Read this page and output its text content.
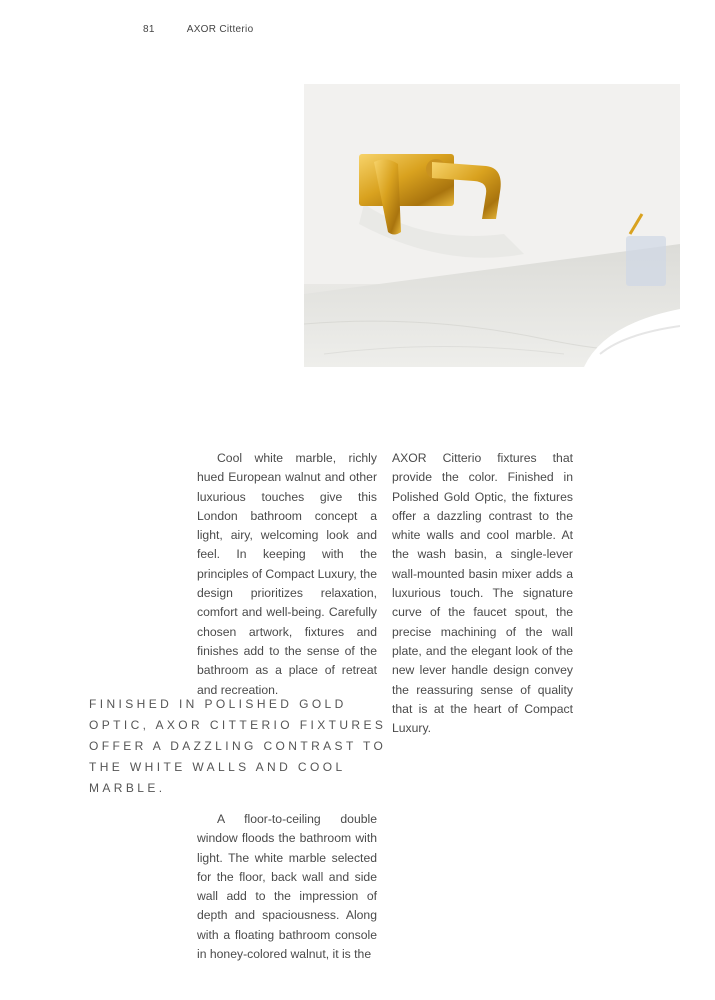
81	AXOR Citterio

Cool white marble, richly hued European walnut and other luxurious touches give this London bathroom concept a light, airy, welcoming look and feel. In keeping with the principles of Compact Luxury, the design prioritizes relaxation, comfort and well-being. Carefully chosen artwork, fixtures and finishes add to the sense of the bathroom as a place of retreat and recreation.

AXOR Citterio fixtures that provide the color. Finished in Polished Gold Optic, the fixtures offer a dazzling contrast to the white walls and cool marble. At the wash basin, a single-lever wall-mounted basin mixer adds a luxurious touch. The signature curve of the faucet spout, the precise machining of the wall plate, and the elegant look of the new lever handle design convey the reassuring sense of quality that is at the heart of Compact Luxury.

FINISHED IN POLISHED GOLD OPTIC, AXOR CITTERIO FIXTURES OFFER A DAZZLING CONTRAST TO THE WHITE WALLS AND COOL MARBLE.

A floor-to-ceiling double window floods the bathroom with light. The white marble selected for the floor, back wall and side wall add to the impression of depth and spaciousness. Along with a floating bathroom console in honey-colored walnut, it is the
